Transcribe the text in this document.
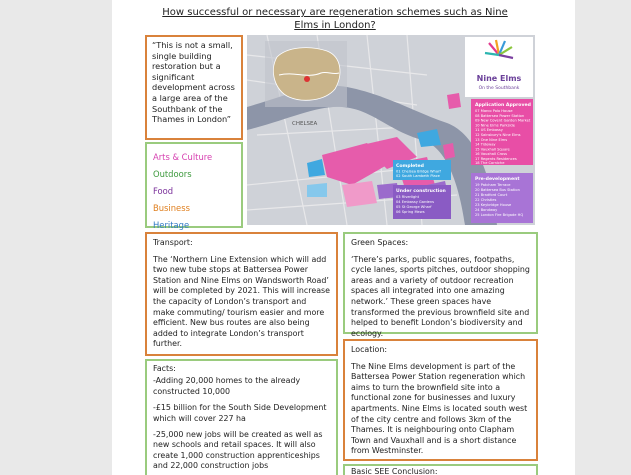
How successful or necessary are regeneration schemes such as Nine Elms in London?
“This is not a small, single building restoration but a significant development across a large area of the Southbank of the Thames in London”	CHELSEA
Nine Elms
On the Southbank
Application Approved
07 Marco Polo House
08 Battersea Power Station
09 New Covent Garden Market
10 Nine Elms Parkside
11 US Embassy
12 Sainsbury's Nine Elms
13 One Nine Elms
14 Tideway
15 Vauxhall Square
16 Vauxhall Cross
17 Regents Residences
18 The Corniche
Completed
01 Chelsea Bridge Wharf
02 South Lambeth Place
Under construction
03 Riverlight
04 Embassy Gardens
05 St George Wharf
06 Spring Mews
Pre-development
19 Patcham Terrace
20 Battersea Bus Station
21 Bradford Court
22 Christies
23 Keybridge House
24 Bondway
25 London Fire Brigade HQ
Arts & Culture
Outdoors
Food
Business
Heritage
Transport:

The ‘Northern Line Extension which will add two new tube stops at Battersea Power Station and Nine Elms on Wandsworth Road’ will be completed by 2021. This will increase the capacity of London’s transport and make commuting/ tourism easier and more efficient. New bus routes are also being added to integrate London’s transport further.

Green Spaces:

‘There’s parks, public squares, footpaths, cycle lanes, sports pitches, outdoor shopping areas and a variety of outdoor recreation spaces all integrated into one amazing network.’ These green spaces have transformed the previous brownfield site and helped to benefit London’s biodiversity and ecology.

Location:

The Nine Elms development is part of the Battersea Power Station regeneration which aims to turn the brownfield site into a functional zone for businesses and luxury apartments. Nine Elms is located south west of the city centre and follows 3km of the Thames. It is neighbouring onto Clapham Town and Vauxhall and is a short distance from Westminster.

Facts:
-Adding 20,000 homes to the already constructed 10,000
-£15 billion for the South Side Development which will cover 227 ha
-25,000 new jobs will be created as well as new schools and retail spaces. It will also create 1,000 construction apprenticeships and 22,000 construction jobs
Basic SEE Conclusion:
